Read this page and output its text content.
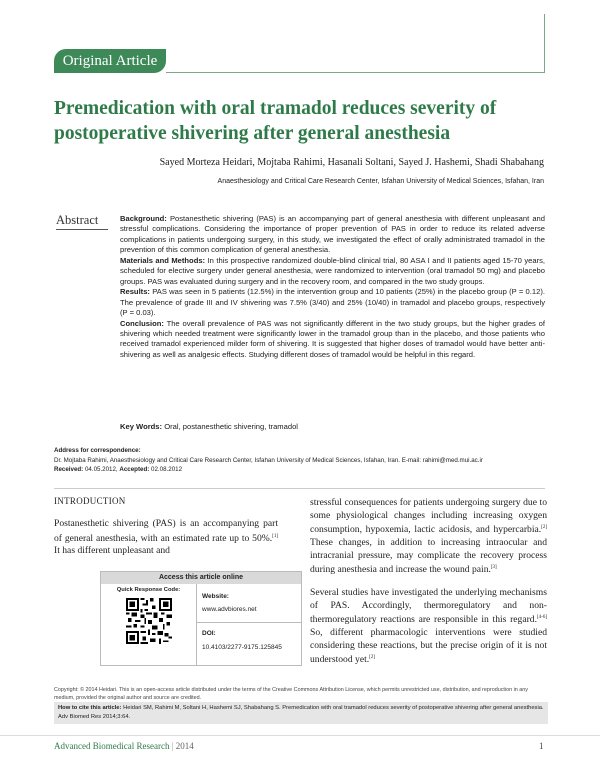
Original Article
Premedication with oral tramadol reduces severity of postoperative shivering after general anesthesia
Sayed Morteza Heidari, Mojtaba Rahimi, Hasanali Soltani, Sayed J. Hashemi, Shadi Shabahang
Anaesthesiology and Critical Care Research Center, Isfahan University of Medical Sciences, Isfahan, Iran
Abstract	Background: Postanesthetic shivering (PAS) is an accompanying part of general anesthesia with different unpleasant and stressful complications. Considering the importance of proper prevention of PAS in order to reduce its related adverse complications in patients undergoing surgery, in this study, we investigated the effect of orally administrated tramadol in the prevention of this common complication of general anesthesia.

Materials and Methods: In this prospective randomized double-blind clinical trial, 80 ASA I and II patients aged 15-70 years, scheduled for elective surgery under general anesthesia, were randomized to intervention (oral tramadol 50 mg) and placebo groups. PAS was evaluated during surgery and in the recovery room, and compared in the two study groups.

Results: PAS was seen in 5 patients (12.5%) in the intervention group and 10 patients (25%) in the placebo group (P = 0.12). The prevalence of grade III and IV shivering was 7.5% (3/40) and 25% (10/40) in tramadol and placebo groups, respectively (P = 0.03).

Conclusion: The overall prevalence of PAS was not significantly different in the two study groups, but the higher grades of shivering which needed treatment were significantly lower in the tramadol group than in the placebo, and those patients who received tramadol experienced milder form of shivering. It is suggested that higher doses of tramadol would have better anti-shivering as well as analgesic effects. Studying different doses of tramadol would be helpful in this regard.

Key Words: Oral, postanesthetic shivering, tramadol
Address for correspondence:
Dr. Mojtaba Rahimi, Anaesthesiology and Critical Care Research Center, Isfahan University of Medical Sciences, Isfahan, Iran. E-mail: rahimi@med.mui.ac.ir
Received: 04.05.2012, Accepted: 02.08.2012
INTRODUCTION

Postanesthetic shivering (PAS) is an accompanying part of general anesthesia, with an estimated rate up to 50%.[1] It has different unpleasant and

stressful consequences for patients undergoing surgery due to some physiological changes including increasing oxygen consumption, hypoxemia, lactic acidosis, and hypercarbia.[2] These changes, in addition to increasing intraocular and intracranial pressure, may complicate the recovery process during anesthesia and increase the wound pain.[3]

Several studies have investigated the underlying mechanisms of PAS. Accordingly, thermoregulatory and non-thermoregulatory reactions are responsible in this regard.[4-6] So, different pharmacologic interventions were studied considering these reactions, but the precise origin of it is not understood yet.[2]

Access this article online
Quick Response Code:
Website:
www.advbiores.net
DOI:
10.4103/2277-9175.125845
Copyright: © 2014 Heidari. This is an open-access article distributed under the terms of the Creative Commons Attribution License, which permits unrestricted use, distribution, and reproduction in any medium, provided the original author and source are credited.
How to cite this article: Heidari SM, Rahimi M, Soltani H, Hashemi SJ, Shabahang S. Premedication with oral tramadol reduces severity of postoperative shivering after general anesthesia. Adv Biomed Res 2014;3:64.
Advanced Biomedical Research | 2014	1
